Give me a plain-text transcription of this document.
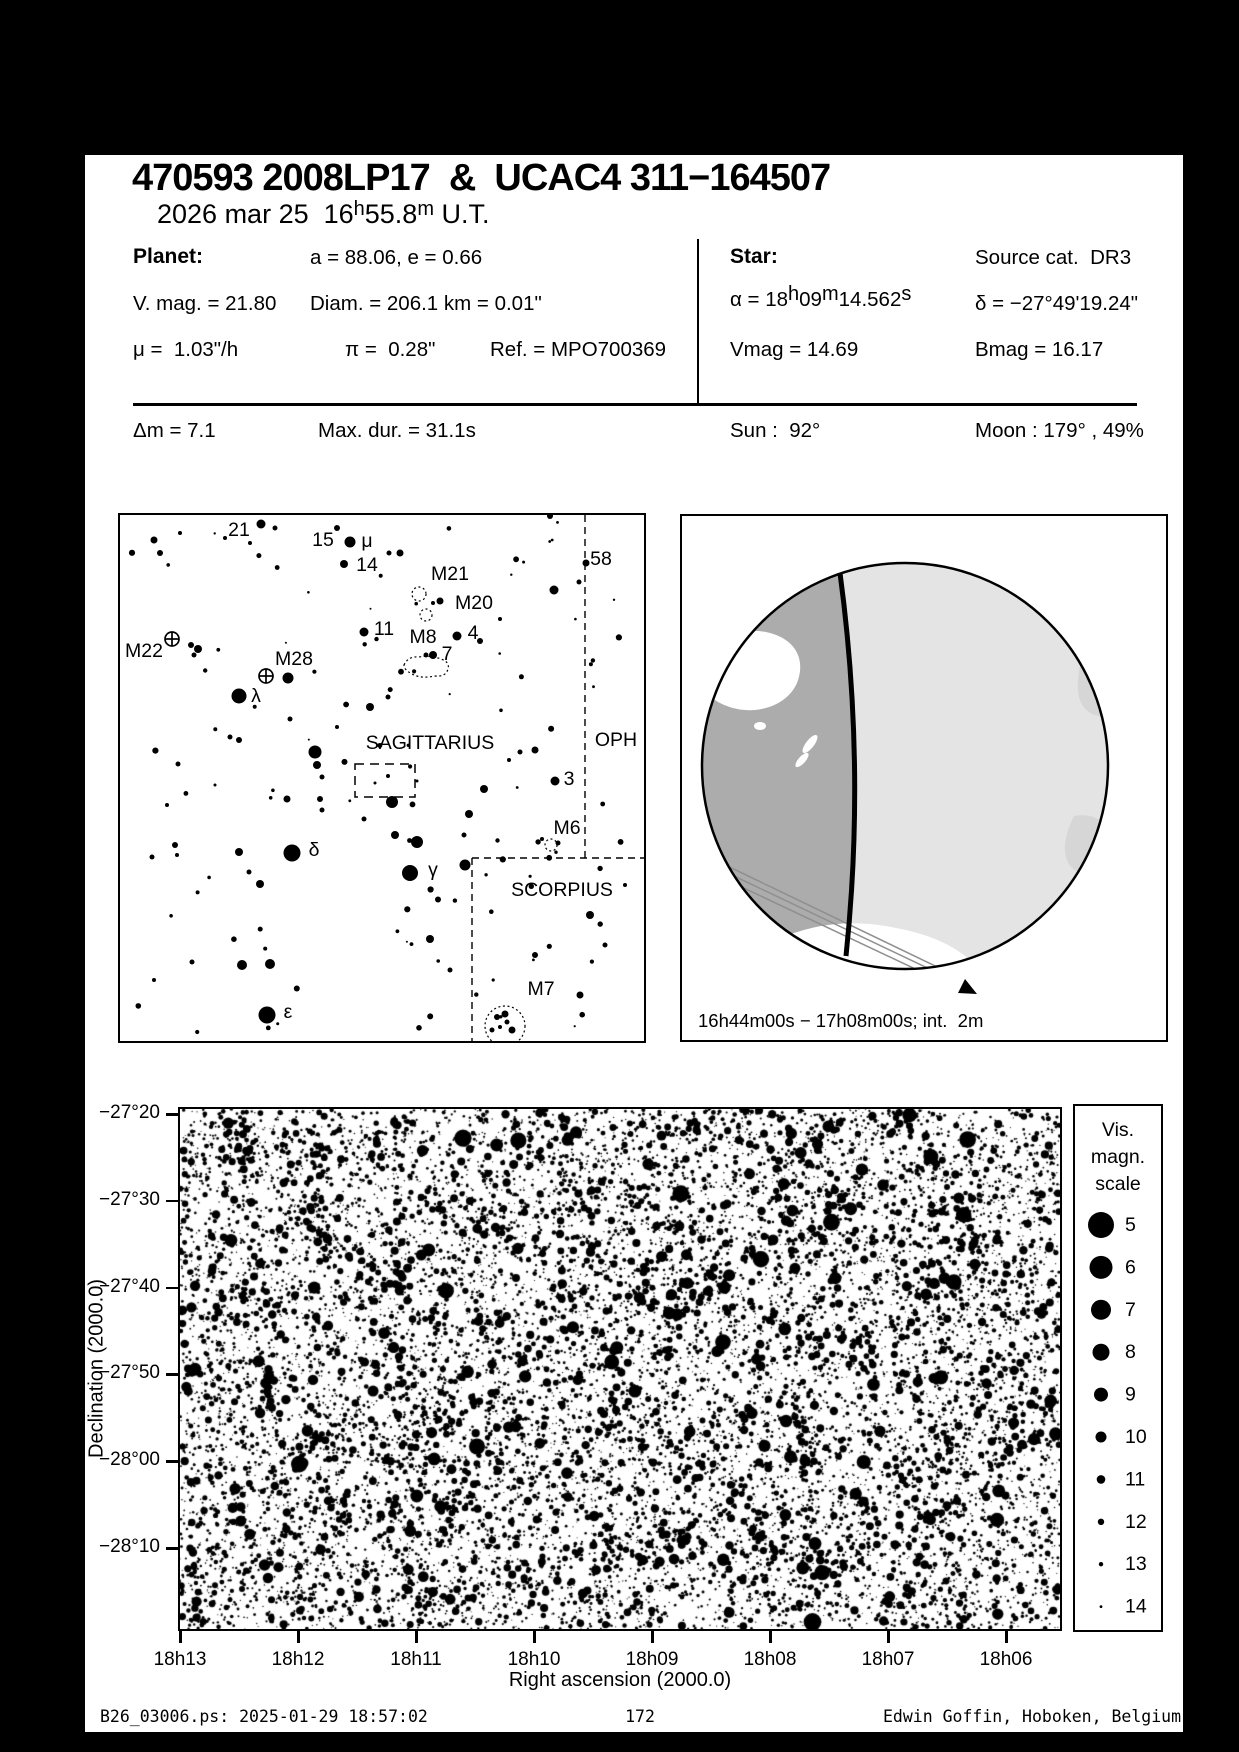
470593 2008LP17  &  UCAC4 311−164507
2026 mar 25  16$^h$55.8$^m$ U.T.
Planet:	a = 88.06, e = 0.66	Star:	Source cat.  DR3
V. mag. = 21.80 Diam. = 206.1 km = 0.01"	$\alpha = 18^h09^m14.562^s$	δ = −27°49'19.24"
μ =  1.03"/h	π =  0.28"	Ref. = MPO700369	Vmag = 14.69	Bmag = 16.17
Δm = 7.1	Max. dur. = 31.1s	Sun :  92°	Moon : 179° , 49%
21	15 μ
14	M21
M20
11 M8 4
7
M22	M28
λ
58
OPH
3
SAGITTARIUS
SCORPIUS
M6
M7
ε
δ
γ
16h44m00s − 17h08m00s; int.  2m
−27°20
−27°30
−27°40
−27°50
−28°00
−28°10
18h13	18h12	18h11	18h10	18h09	18h08	18h07	18h06
Vis.
magn.
scale
5
6
7
8
9
10
11
12
13
14
Declination (2000.0)
Right ascension (2000.0)
B26_03006.ps: 2025-01-29 18:57:02	172	Edwin Goffin, Hoboken, Belgium
